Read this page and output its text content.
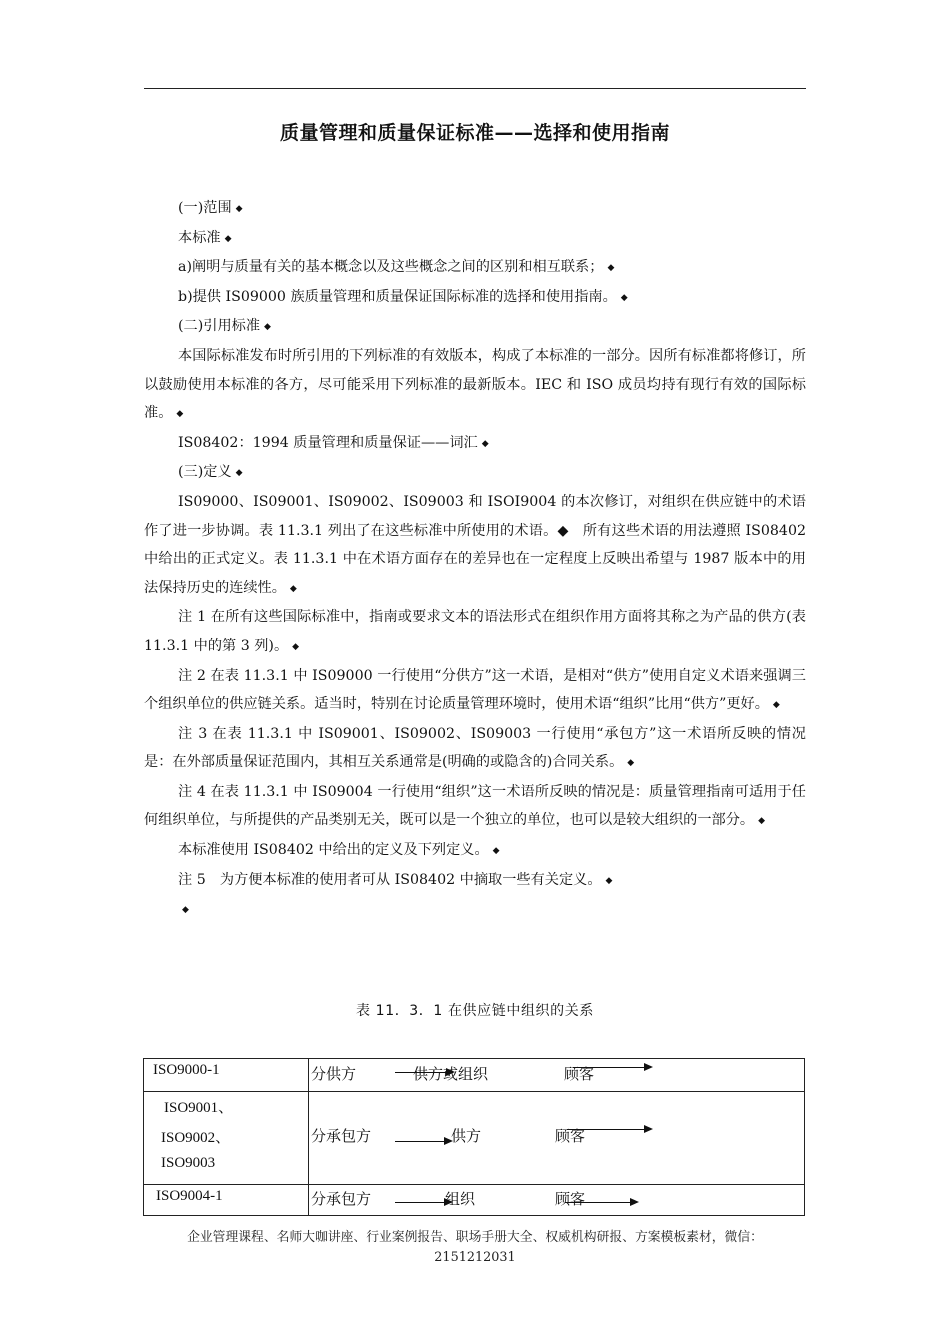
质量管理和质量保证标准——选择和使用指南

(一)范围 ◆

本标准 ◆

a)阐明与质量有关的基本概念以及这些概念之间的区别和相互联系； ◆

b)提供 IS09000 族质量管理和质量保证国际标准的选择和使用指南。 ◆

(二)引用标准 ◆

本国际标准发布时所引用的下列标准的有效版本，构成了本标准的一部分。因所有标准都将修订，所以鼓励使用本标准的各方，尽可能采用下列标准的最新版本。IEC 和 ISO 成员均持有现行有效的国际标准。 ◆

IS08402：1994 质量管理和质量保证——词汇 ◆

(三)定义 ◆

IS09000、IS09001、IS09002、IS09003 和 ISOI9004 的本次修订，对组织在供应链中的术语作了进一步协调。表 11.3.1 列出了在这些标准中所使用的术语。◆　所有这些术语的用法遵照 IS08402 中给出的正式定义。表 11.3.1 中在术语方面存在的差异也在一定程度上反映出希望与 1987 版本中的用法保持历史的连续性。 ◆

注 1 在所有这些国际标准中，指南或要求文本的语法形式在组织作用方面将其称之为产品的供方(表 11.3.1 中的第 3 列)。 ◆

注 2 在表 11.3.1 中 IS09000 一行使用“分供方”这一术语，是相对“供方”使用自定义术语来强调三个组织单位的供应链关系。适当时，特别在讨论质量管理环境时，使用术语“组织”比用“供方”更好。 ◆

注 3 在表 11.3.1 中 IS09001、IS09002、IS09003 一行使用“承包方”这一术语所反映的情况是：在外部质量保证范围内，其相互关系通常是(明确的或隐含的)合同关系。 ◆

注 4 在表 11.3.1 中 IS09004 一行使用“组织”这一术语所反映的情况是：质量管理指南可适用于任何组织单位，与所提供的产品类别无关，既可以是一个独立的单位，也可以是较大组织的一部分。 ◆

本标准使用 IS08402 中给出的定义及下列定义。 ◆

注 5　为方便本标准的使用者可从 IS08402 中摘取一些有关定义。 ◆

◆

表 11．3．1 在供应链中组织的关系
ISO9000-1	分供方 供方或组织 顾客

ISO9001、
ISO9002、
ISO9003	分承包方 供方 顾客

ISO9004-1	分承包方 组织 顾客
企业管理课程、名师大咖讲座、行业案例报告、职场手册大全、权威机构研报、方案模板素材，微信：
2151212031
